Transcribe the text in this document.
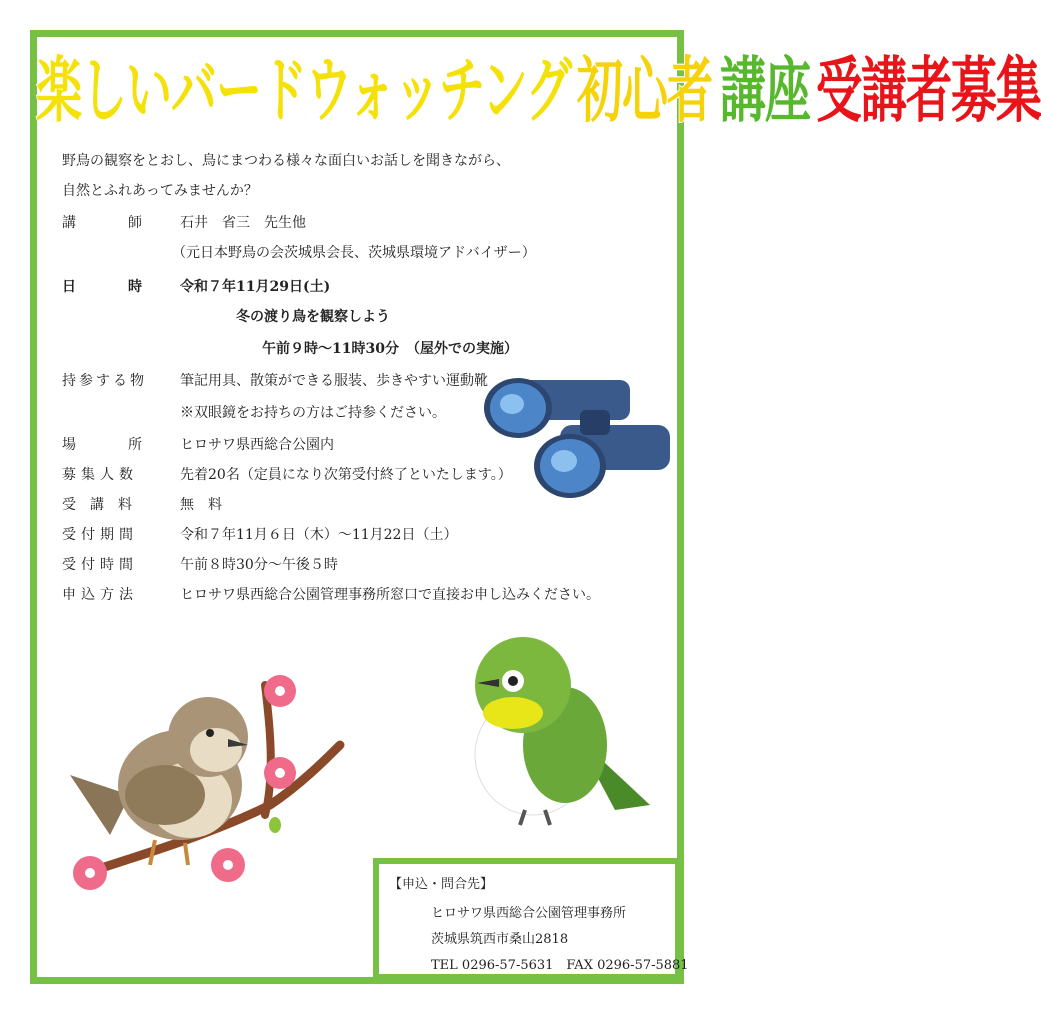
楽しいバードウォッチング 初心者 講座 受講者募集
野鳥の観察をとおし、鳥にまつわる様々な面白いお話しを聞きながら、
自然とふれあってみませんか？
講	師	石井　省三　先生他
（元日本野鳥の会茨城県会長、茨城県環境アドバイザー）
日	時	令和７年11月29日(土)
冬の渡り鳥を観察しよう
午前９時～11時30分　（屋外での実施）
持参する物 筆記用具、散策ができる服装、歩きやすい運動靴
※双眼鏡をお持ちの方はご持参ください。
場	所	ヒロサワ県西総合公園内
募集人数	先着20名（定員になり次第受付終了といたします。）
受講料 無　料
受付期間	令和７年11月６日（木）～11月22日（土）
受付時間	午前８時30分～午後５時
申込方法	ヒロサワ県西総合公園管理事務所窓口で直接お申し込みください。
【申込・問合先】
ヒロサワ県西総合公園管理事務所
茨城県筑西市桑山2818
TEL 0296-57-5631　FAX 0296-57-5881
